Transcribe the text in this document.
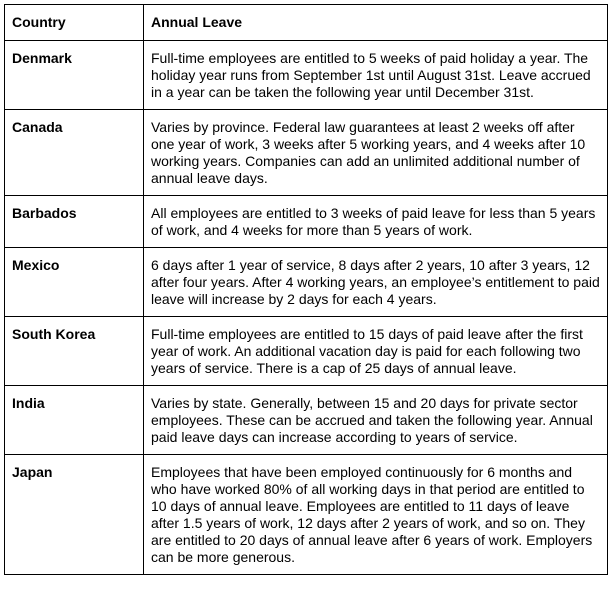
Country	Annual Leave
Denmark	Full-time employees are entitled to 5 weeks of paid holiday a year. The holiday year runs from September 1st until August 31st. Leave accrued in a year can be taken the following year until December 31st.
Canada	Varies by province. Federal law guarantees at least 2 weeks off after one year of work, 3 weeks after 5 working years, and 4 weeks after 10 working years. Companies can add an unlimited additional number of annual leave days.
Barbados	All employees are entitled to 3 weeks of paid leave for less than 5 years of work, and 4 weeks for more than 5 years of work.
Mexico	6 days after 1 year of service, 8 days after 2 years, 10 after 3 years, 12 after four years. After 4 working years, an employee’s entitlement to paid leave will increase by 2 days for each 4 years.
South Korea	Full-time employees are entitled to 15 days of paid leave after the first year of work. An additional vacation day is paid for each following two years of service. There is a cap of 25 days of annual leave.
India	Varies by state. Generally, between 15 and 20 days for private sector employees. These can be accrued and taken the following year. Annual paid leave days can increase according to years of service.
Japan	Employees that have been employed continuously for 6 months and who have worked 80% of all working days in that period are entitled to 10 days of annual leave. Employees are entitled to 11 days of leave after 1.5 years of work, 12 days after 2 years of work, and so on. They are entitled to 20 days of annual leave after 6 years of work. Employers can be more generous.
